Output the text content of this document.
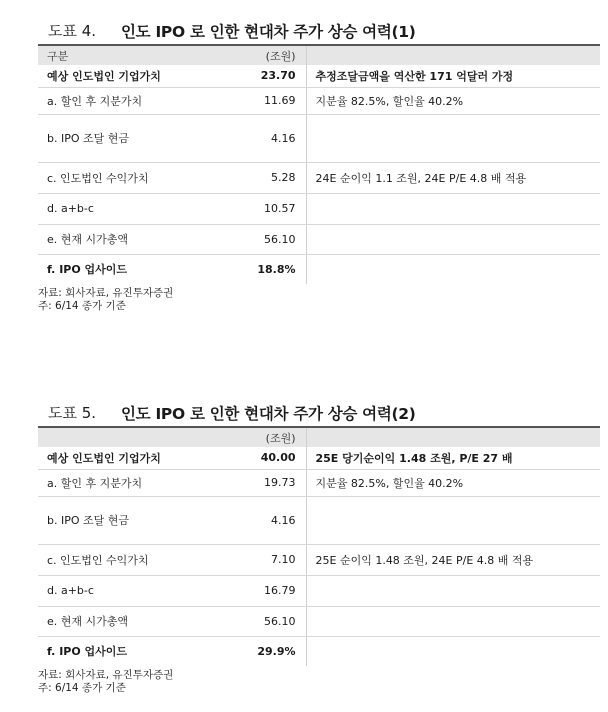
도표 4. 인도 IPO 로 인한 현대차 주가 상승 여력(1)
구분	(조원)	
예상 인도법인 기업가치	23.70	추정조달금액을 역산한 171 억달러 가정
a. 할인 후 지분가치	11.69	지분율 82.5%, 할인율 40.2%
b. IPO 조달 현금	4.16	
c. 인도법인 수익가치	5.28	24E 순이익 1.1 조원, 24E P/E 4.8 배 적용
d. a+b-c	10.57	
e. 현재 시가총액	56.10	
f. IPO 업사이드	18.8%	
자료: 회사자료, 유진투자증권
주: 6/14 종가 기준
도표 5. 인도 IPO 로 인한 현대차 주가 상승 여력(2)
	(조원)	
예상 인도법인 기업가치	40.00	25E 당기순이익 1.48 조원, P/E 27 배
a. 할인 후 지분가치	19.73	지분율 82.5%, 할인율 40.2%
b. IPO 조달 현금	4.16	
c. 인도법인 수익가치	7.10	25E 순이익 1.48 조원, 24E P/E 4.8 배 적용
d. a+b-c	16.79	
e. 현재 시가총액	56.10	
f. IPO 업사이드	29.9%	
자료: 회사자료, 유진투자증권
주: 6/14 종가 기준
